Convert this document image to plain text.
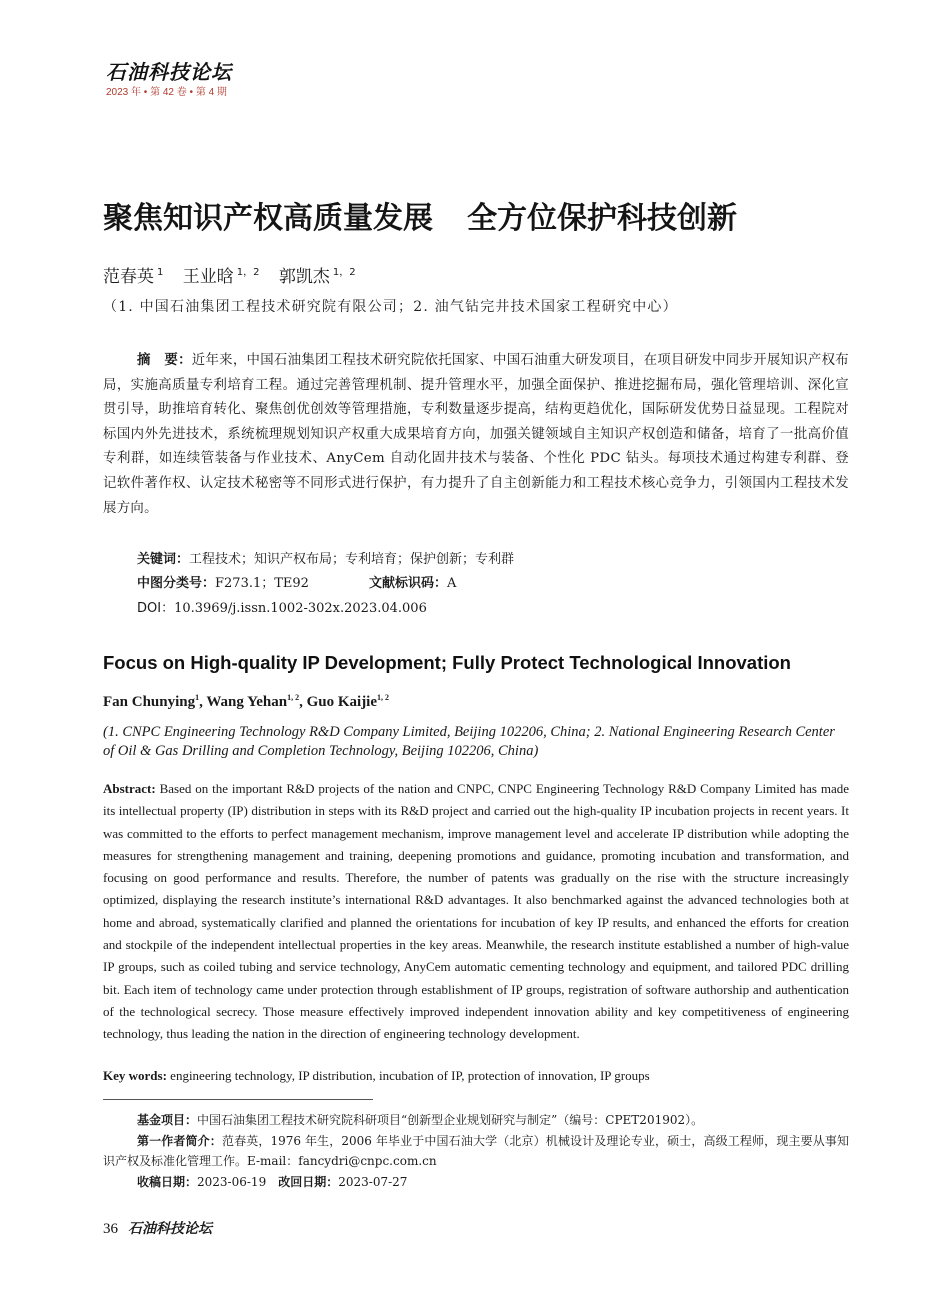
石油科技论坛
2023 年 • 第 42 卷 • 第 4 期
聚焦知识产权高质量发展 全方位保护科技创新
范春英 $^1$ 王业晗 $^{1,2}$ 郭凯杰 $^{1,2}$
（1. 中国石油集团工程技术研究院有限公司；2. 油气钻完井技术国家工程研究中心）
摘　要：近年来，中国石油集团工程技术研究院依托国家、中国石油重大研发项目，在项目研发中同步开展知识产权布局，实施高质量专利培育工程。通过完善管理机制、提升管理水平，加强全面保护、推进挖掘布局，强化管理培训、深化宣贯引导，助推培育转化、聚焦创优创效等管理措施，专利数量逐步提高，结构更趋优化，国际研发优势日益显现。工程院对标国内外先进技术，系统梳理规划知识产权重大成果培育方向，加强关键领域自主知识产权创造和储备，培育了一批高价值专利群，如连续管装备与作业技术、AnyCem 自动化固井技术与装备、个性化 PDC 钻头。每项技术通过构建专利群、登记软件著作权、认定技术秘密等不同形式进行保护，有力提升了自主创新能力和工程技术核心竞争力，引领国内工程技术发展方向。
关键词：工程技术；知识产权布局；专利培育；保护创新；专利群
中图分类号：F273.1；TE92	文献标识码：A
DOI：10.3969/j.issn.1002-302x.2023.04.006
Focus on High-quality IP Development; Fully Protect Technological Innovation
Fan Chunying$^1$, Wang Yehan$^{1, 2}$, Guo Kaijie$^{1, 2}$
(1. CNPC Engineering Technology R&D Company Limited, Beijing 102206, China; 2. National Engineering Research Center of Oil & Gas Drilling and Completion Technology, Beijing 102206, China)
Abstract: Based on the important R&D projects of the nation and CNPC, CNPC Engineering Technology R&D Company Limited has made its intellectual property (IP) distribution in steps with its R&D project and carried out the high-quality IP incubation projects in recent years. It was committed to the efforts to perfect management mechanism, improve management level and accelerate IP distribution while adopting the measures for strengthening management and training, deepening promotions and guidance, promoting incubation and transformation, and focusing on good performance and results. Therefore, the number of patents was gradually on the rise with the structure increasingly optimized, displaying the research institute’s international R&D advantages. It also benchmarked against the advanced technologies both at home and abroad, systematically clarified and planned the orientations for incubation of key IP results, and enhanced the efforts for creation and stockpile of the independent intellectual properties in the key areas. Meanwhile, the research institute established a number of high-value IP groups, such as coiled tubing and service technology, AnyCem automatic cementing technology and equipment, and tailored PDC drilling bit. Each item of technology came under protection through establishment of IP groups, registration of software authorship and authentication of the technological secrecy. Those measure effectively improved independent innovation ability and key competitiveness of engineering technology, thus leading the nation in the direction of engineering technology development.
Key words: engineering technology, IP distribution, incubation of IP, protection of innovation, IP groups

基金项目：中国石油集团工程技术研究院科研项目“创新型企业规划研究与制定”（编号：CPET201902）。

第一作者简介：范春英，1976 年生，2006 年毕业于中国石油大学（北京）机械设计及理论专业，硕士，高级工程师，现主要从事知识产权及标准化管理工作。E-mail：fancydri@cnpc.com.cn

收稿日期：2023-06-19 改回日期：2023-07-27

36 石油科技论坛
